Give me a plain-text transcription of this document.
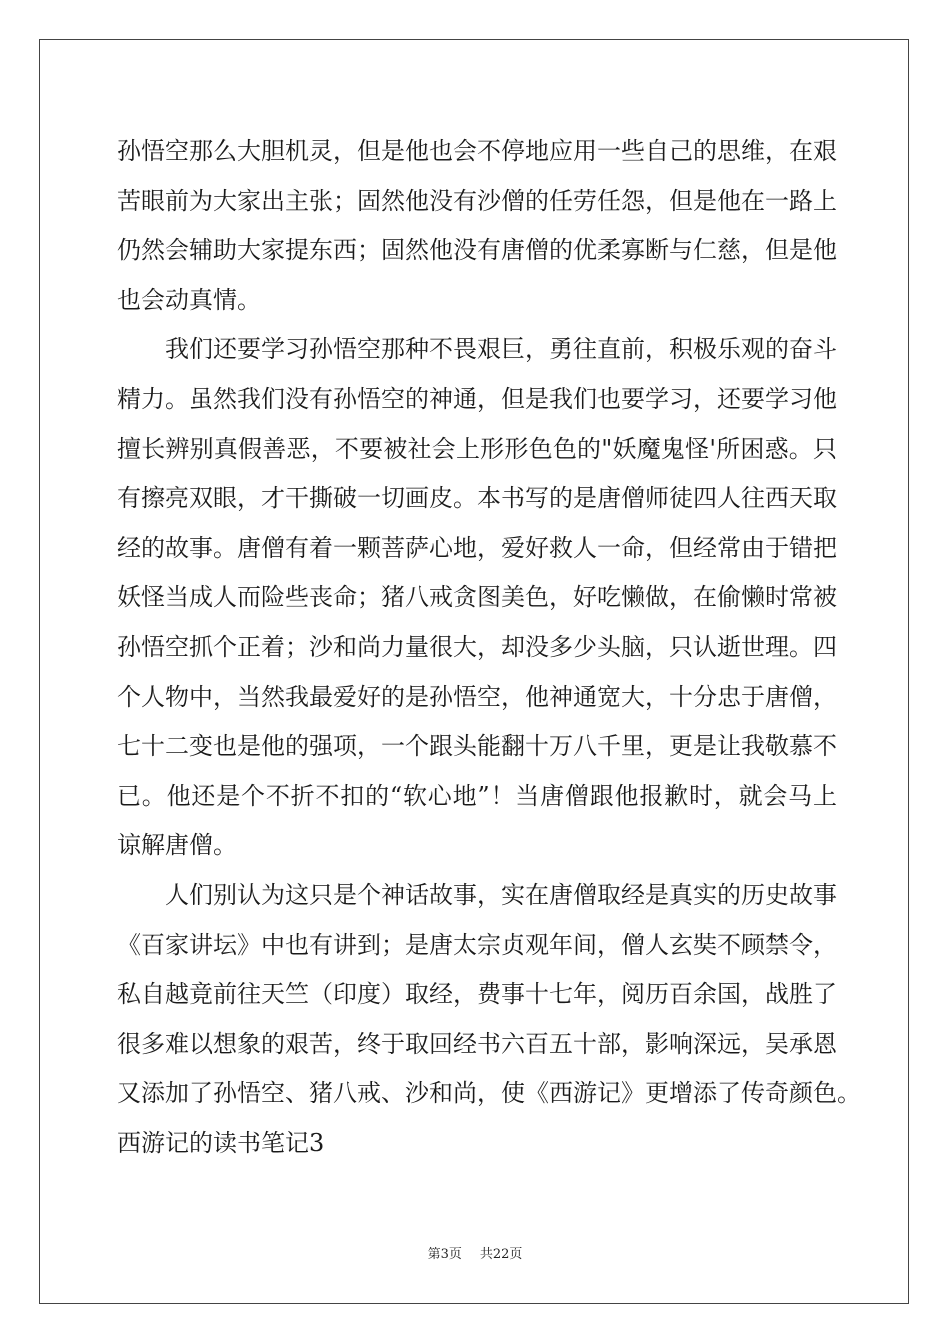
孙悟空那么大胆机灵，但是他也会不停地应用一些自己的思维，在艰
苦眼前为大家出主张；固然他没有沙僧的任劳任怨，但是他在一路上
仍然会辅助大家提东西；固然他没有唐僧的优柔寡断与仁慈，但是他
也会动真情。
我们还要学习孙悟空那种不畏艰巨，勇往直前，积极乐观的奋斗
精力。虽然我们没有孙悟空的神通，但是我们也要学习，还要学习他
擅长辨别真假善恶，不要被社会上形形色色的"妖魔鬼怪'所困惑。只
有擦亮双眼，才干撕破一切画皮。本书写的是唐僧师徒四人往西天取
经的故事。唐僧有着一颗菩萨心地，爱好救人一命，但经常由于错把
妖怪当成人而险些丧命；猪八戒贪图美色，好吃懒做，在偷懒时常被
孙悟空抓个正着；沙和尚力量很大，却没多少头脑，只认逝世理。四
个人物中，当然我最爱好的是孙悟空，他神通宽大，十分忠于唐僧，
七十二变也是他的强项，一个跟头能翻十万八千里，更是让我敬慕不
已。他还是个不折不扣的“软心地”！当唐僧跟他报歉时，就会马上
谅解唐僧。
人们别认为这只是个神话故事，实在唐僧取经是真实的历史故事
《百家讲坛》中也有讲到；是唐太宗贞观年间，僧人玄奘不顾禁令，
私自越竟前往天竺（印度）取经，费事十七年，阅历百余国，战胜了
很多难以想象的艰苦，终于取回经书六百五十部，影响深远，吴承恩
又添加了孙悟空、猪八戒、沙和尚，使《西游记》更增添了传奇颜色。
西游记的读书笔记3
第3页 共22页
